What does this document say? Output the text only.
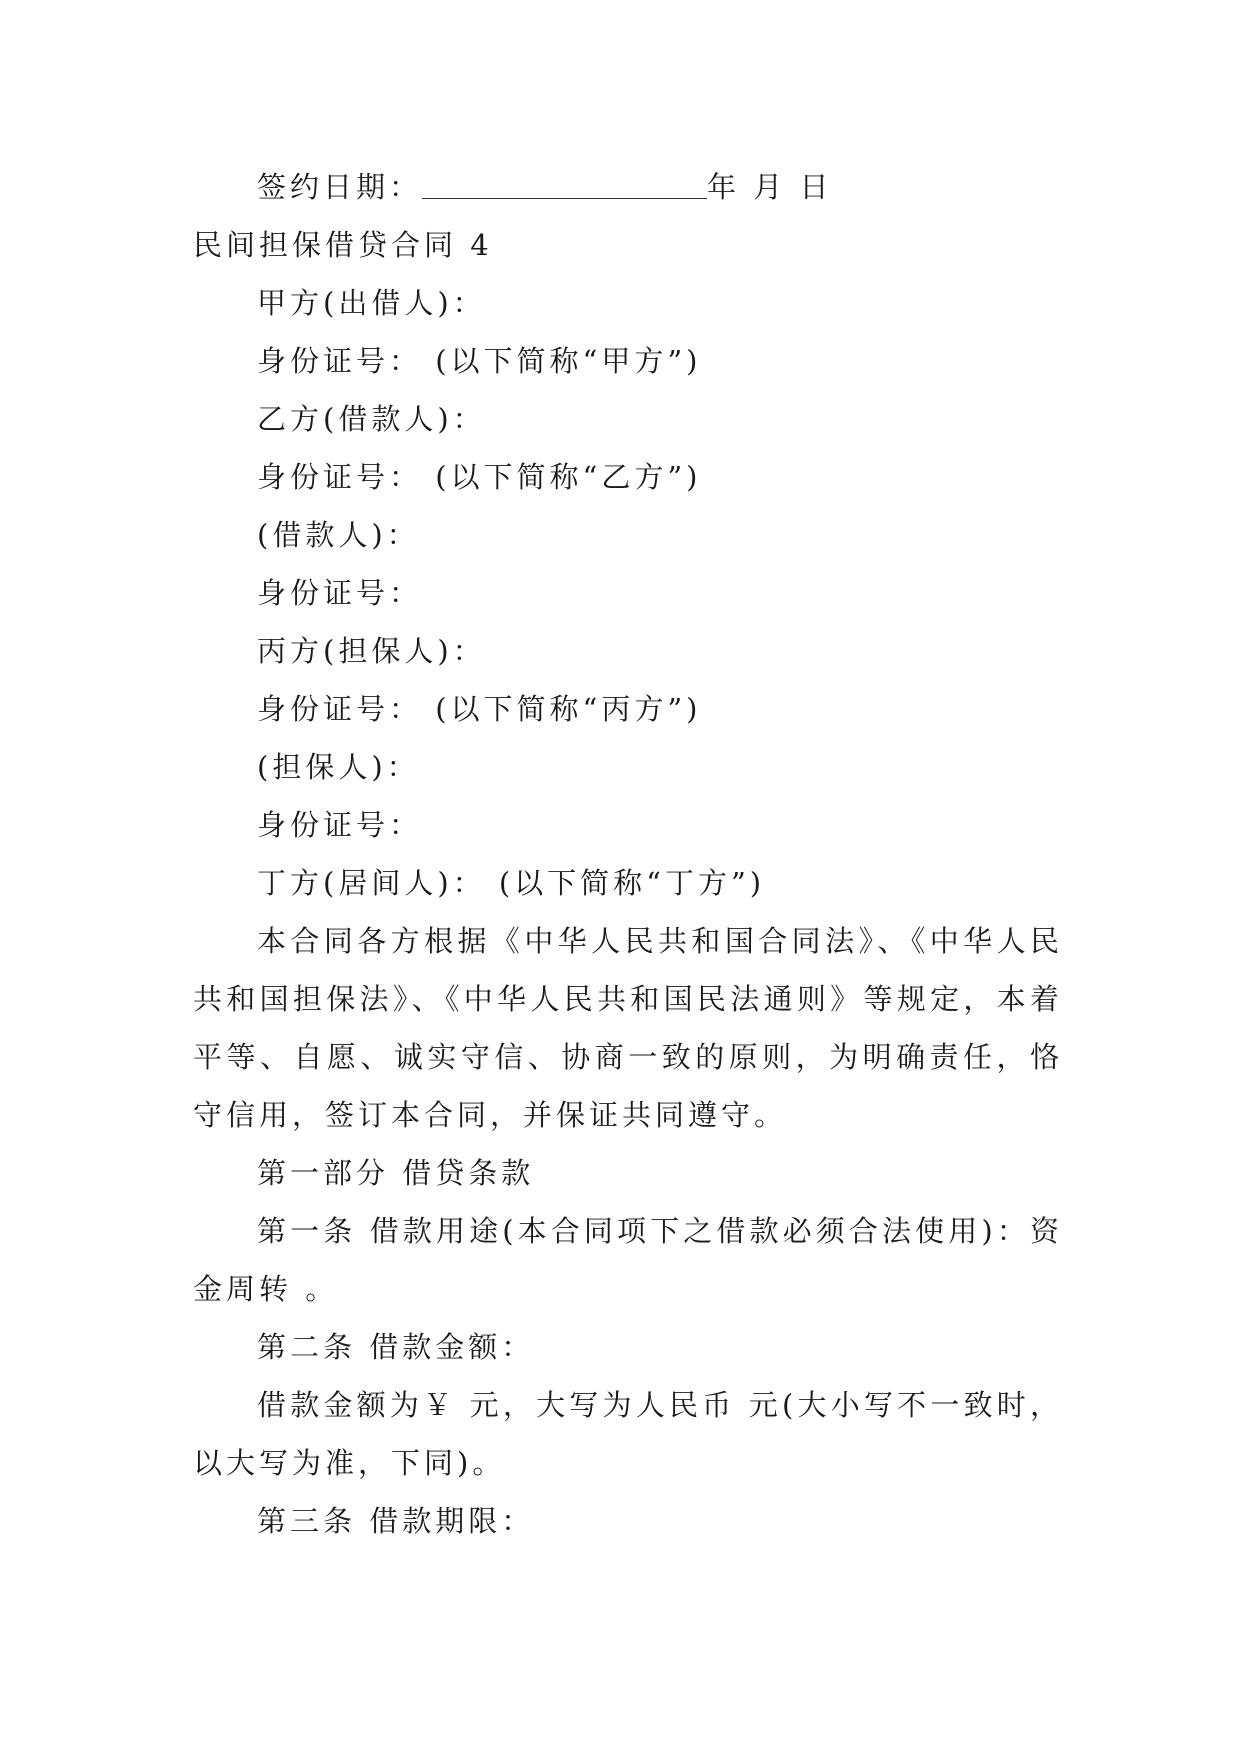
签约日期：	年 月 日
民间担保借贷合同 4
甲方(出借人)：
身份证号： (以下简称“甲方”)
乙方(借款人)：
身份证号： (以下简称“乙方”)
(借款人)：
身份证号：
丙方(担保人)：
身份证号： (以下简称“丙方”)
(担保人)：
身份证号：
丁方(居间人)： (以下简称“丁方”)
本合同各方根据《中华人民共和国合同法》、《中华人民共和国担保法》、《中华人民共和国民法通则》等规定，本着平等、自愿、诚实守信、协商一致的原则，为明确责任，恪守信用，签订本合同，并保证共同遵守。
第一部分 借贷条款
第一条 借款用途(本合同项下之借款必须合法使用)：资金周转 。
第二条 借款金额：
借款金额为￥ 元，大写为人民币 元(大小写不一致时，以大写为准，下同)。
第三条 借款期限：
